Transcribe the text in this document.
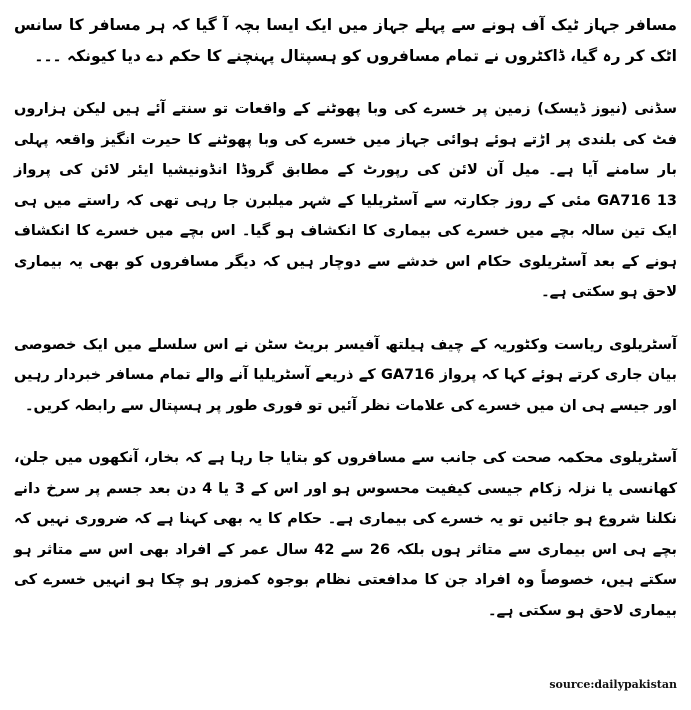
مسافر جہاز ٹیک آف ہونے سے پہلے جہاز میں ایک ایسا بچہ آ گیا کہ ہر مسافر کا سانس اٹک کر رہ گیا، ڈاکٹروں نے تمام مسافروں کو ہسپتال پہنچنے کا حکم دے دیا کیونکہ ۔۔۔

سڈنی (نیوز ڈیسک) زمین پر خسرے کی وبا پھوٹنے کے واقعات تو سنتے آئے ہیں لیکن ہزاروں فٹ کی بلندی پر اڑتے ہوئے ہوائی جہاز میں خسرے کی وبا پھوٹنے کا حیرت انگیز واقعہ پہلی بار سامنے آیا ہے۔ میل آن لائن کی رپورٹ کے مطابق گروڈا انڈونیشیا ایئر لائن کی پرواز GA716 13 مئی کے روز جکارتہ سے آسٹریلیا کے شہر میلبرن جا رہی تھی کہ راستے میں ہی ایک تین سالہ بچے میں خسرے کی بیماری کا انکشاف ہو گیا۔ اس بچے میں خسرے کا انکشاف ہونے کے بعد آسٹریلوی حکام اس خدشے سے دوچار ہیں کہ دیگر مسافروں کو بھی یہ بیماری لاحق ہو سکتی ہے۔

آسٹریلوی ریاست وکٹوریہ کے چیف ہیلتھ آفیسر بریٹ سٹن نے اس سلسلے میں ایک خصوصی بیان جاری کرتے ہوئے کہا کہ پرواز GA716 کے ذریعے آسٹریلیا آنے والے تمام مسافر خبردار رہیں اور جیسے ہی ان میں خسرے کی علامات نظر آئیں تو فوری طور پر ہسپتال سے رابطہ کریں۔

آسٹریلوی محکمہ صحت کی جانب سے مسافروں کو بتایا جا رہا ہے کہ بخار، آنکھوں میں جلن، کھانسی یا نزلہ زکام جیسی کیفیت محسوس ہو اور اس کے 3 یا 4 دن بعد جسم پر سرخ دانے نکلنا شروع ہو جائیں تو یہ خسرے کی بیماری ہے۔ حکام کا یہ بھی کہنا ہے کہ ضروری نہیں کہ بچے ہی اس بیماری سے متاثر ہوں بلکہ 26 سے 42 سال عمر کے افراد بھی اس سے متاثر ہو سکتے ہیں، خصوصاً وہ افراد جن کا مدافعتی نظام بوجوہ کمزور ہو چکا ہو انہیں خسرے کی بیماری لاحق ہو سکتی ہے۔

source:dailypakistan
